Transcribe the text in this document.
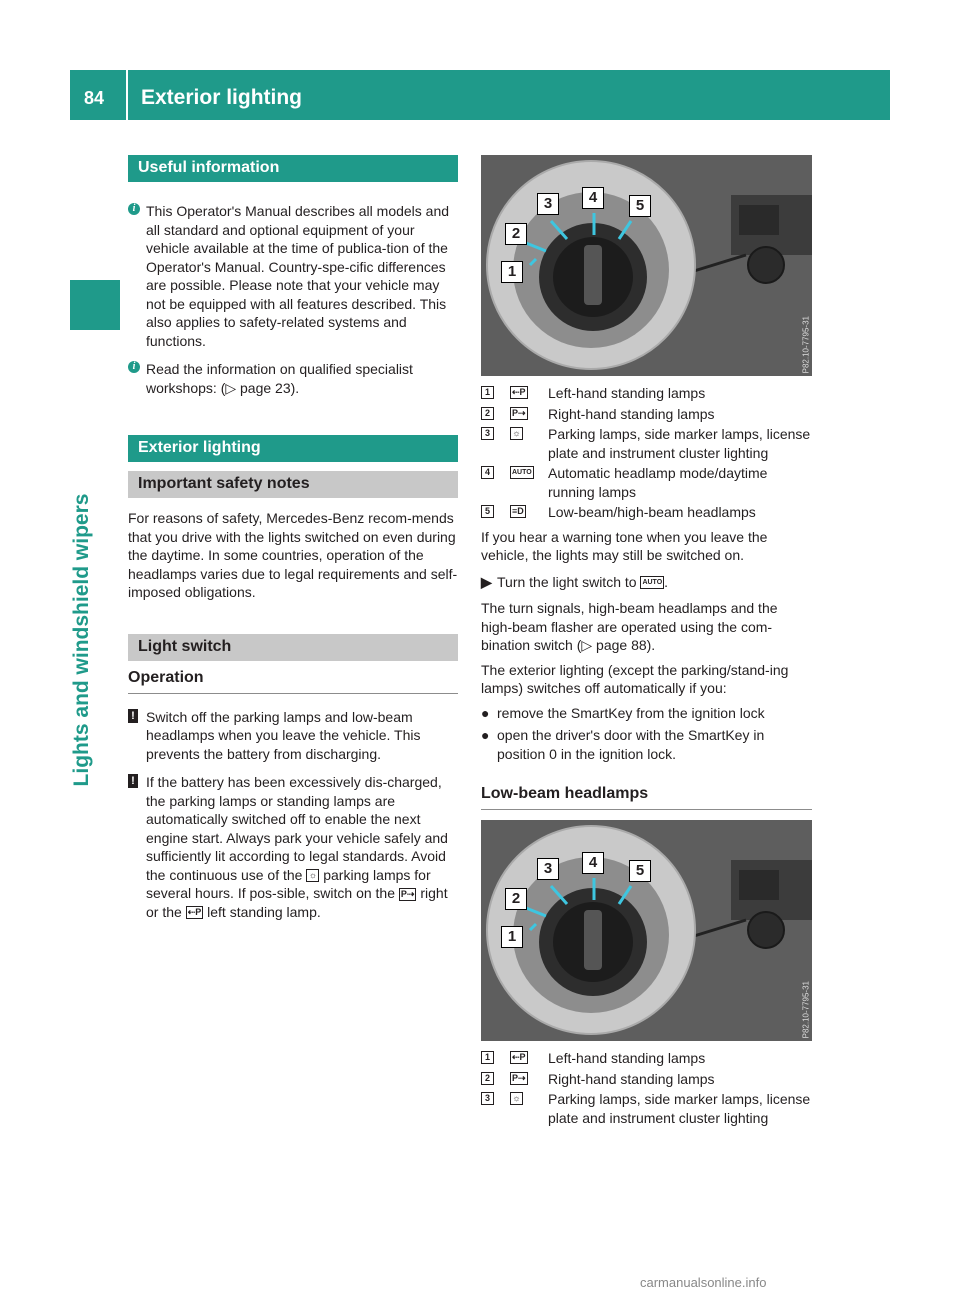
84 Exterior lighting
Lights and windshield wipers
Useful information
i This Operator's Manual describes all models and all standard and optional equipment of your vehicle available at the time of publica-tion of the Operator's Manual. Country-spe-cific differences are possible. Please note that your vehicle may not be equipped with all features described. This also applies to safety-related systems and functions.
i Read the information on qualified specialist workshops: (▷ page 23).
Exterior lighting
Important safety notes
For reasons of safety, Mercedes-Benz recom-mends that you drive with the lights switched on even during the daytime. In some countries, operation of the headlamps varies due to legal requirements and self-imposed obligations.
Light switch
Operation
! Switch off the parking lamps and low-beam headlamps when you leave the vehicle. This prevents the battery from discharging.
! If the battery has been excessively dis-charged, the parking lamps or standing lamps are automatically switched off to enable the next engine start. Always park your vehicle safely and sufficiently lit according to legal standards. Avoid the continuous use of the ☼ parking lamps for several hours. If pos-sible, switch on the P⇢ right or the ⇠P left standing lamp.
1
2
3	4	5
P82.10-7795-31
1	⇠P Left-hand standing lamps
2	P⇢ Right-hand standing lamps
3	☼ Parking lamps, side marker lamps, license plate and instrument cluster lighting
4	AUTO Automatic headlamp mode/daytime running lamps
5	≡D Low-beam/high-beam headlamps
If you hear a warning tone when you leave the vehicle, the lights may still be switched on.
▶ Turn the light switch to AUTO .
The turn signals, high-beam headlamps and the high-beam flasher are operated using the com-bination switch (▷ page 88).
The exterior lighting (except the parking/stand-ing lamps) switches off automatically if you:
● remove the SmartKey from the ignition lock
● open the driver's door with the SmartKey in position 0 in the ignition lock.
Low-beam headlamps
1
2
3	4	5
P82.10-7795-31
1	⇠P Left-hand standing lamps
2	P⇢ Right-hand standing lamps
3	☼ Parking lamps, side marker lamps, license plate and instrument cluster lighting
carmanualsonline.info
